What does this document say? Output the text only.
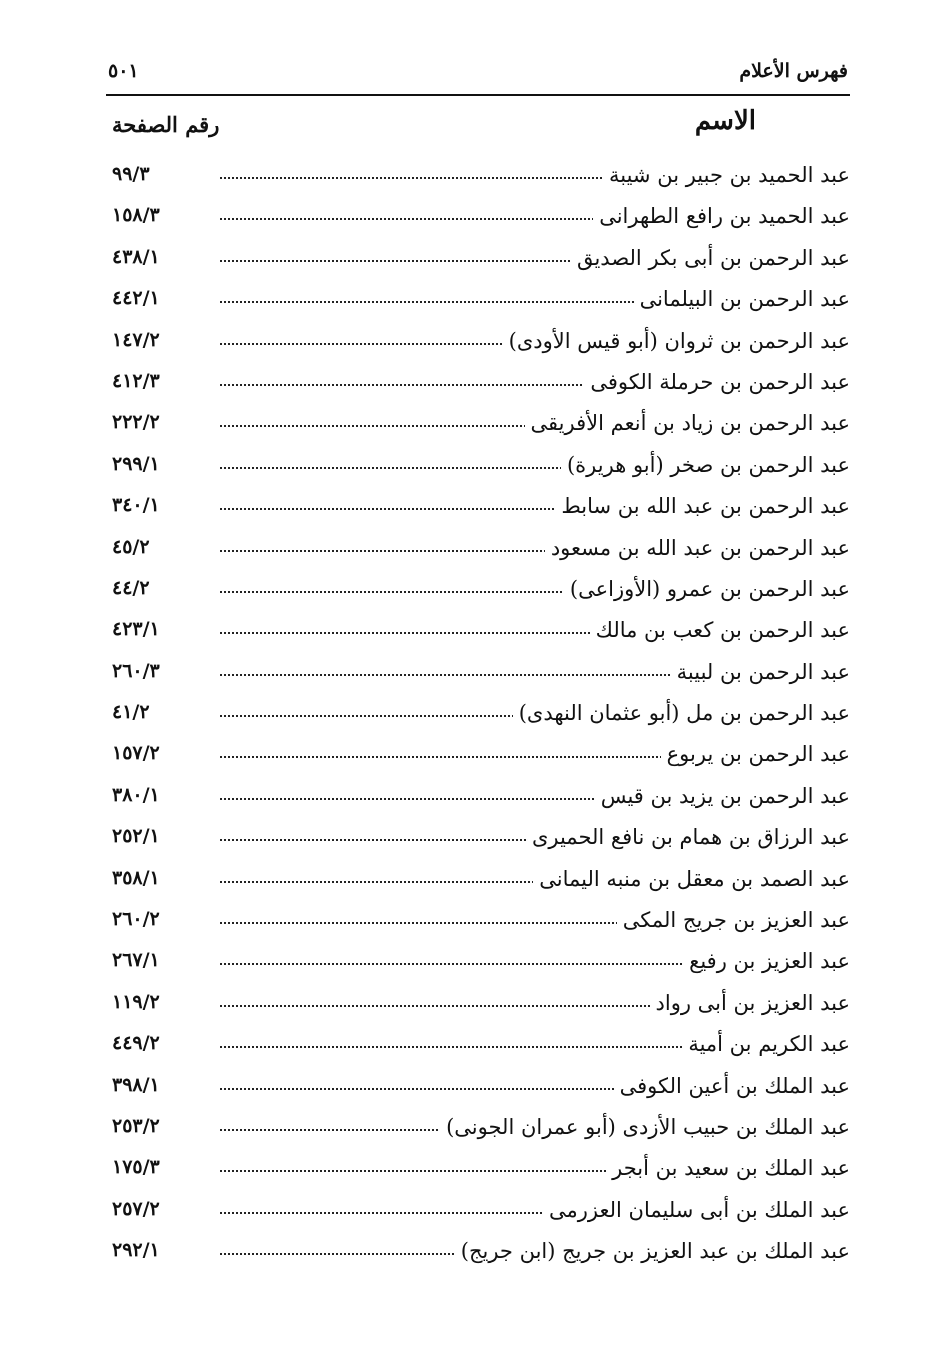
فهرس الأعلام
٥٠١
الاسم
رقم الصفحة
عبد الحميد بن جبير بن شيبة
٩٩/٣
عبد الحميد بن رافع الطهرانى
١٥٨/٣
عبد الرحمن بن أبى بكر الصديق
٤٣٨/١
عبد الرحمن بن البيلمانى
٤٤٢/١
عبد الرحمن بن ثروان (أبو قيس الأودى)
١٤٧/٢
عبد الرحمن بن حرملة الكوفى
٤١٢/٣
عبد الرحمن بن زياد بن أنعم الأفريقى
٢٢٢/٢
عبد الرحمن بن صخر (أبو هريرة)
٢٩٩/١
عبد الرحمن بن عبد الله بن سابط
٣٤٠/١
عبد الرحمن بن عبد الله بن مسعود
٤٥/٢
عبد الرحمن بن عمرو (الأوزاعى)
٤٤/٢
عبد الرحمن بن كعب بن مالك
٤٢٣/١
عبد الرحمن بن لبيبة
٢٦٠/٣
عبد الرحمن بن مل (أبو عثمان النهدى)
٤١/٢
عبد الرحمن بن يربوع
١٥٧/٢
عبد الرحمن بن يزيد بن قيس
٣٨٠/١
عبد الرزاق بن همام بن نافع الحميرى
٢٥٢/١
عبد الصمد بن معقل بن منبه اليمانى
٣٥٨/١
عبد العزيز بن جريج المكى
٢٦٠/٢
عبد العزيز بن رفيع
٢٦٧/١
عبد العزيز بن أبى رواد
١١٩/٢
عبد الكريم بن أمية
٤٤٩/٢
عبد الملك بن أعين الكوفى
٣٩٨/١
عبد الملك بن حبيب الأزدى (أبو عمران الجونى)
٢٥٣/٢
عبد الملك بن سعيد بن أبجر
١٧٥/٣
عبد الملك بن أبى سليمان العزرمى
٢٥٧/٢
عبد الملك بن عبد العزيز بن جريج (ابن جريج)
٢٩٢/١
